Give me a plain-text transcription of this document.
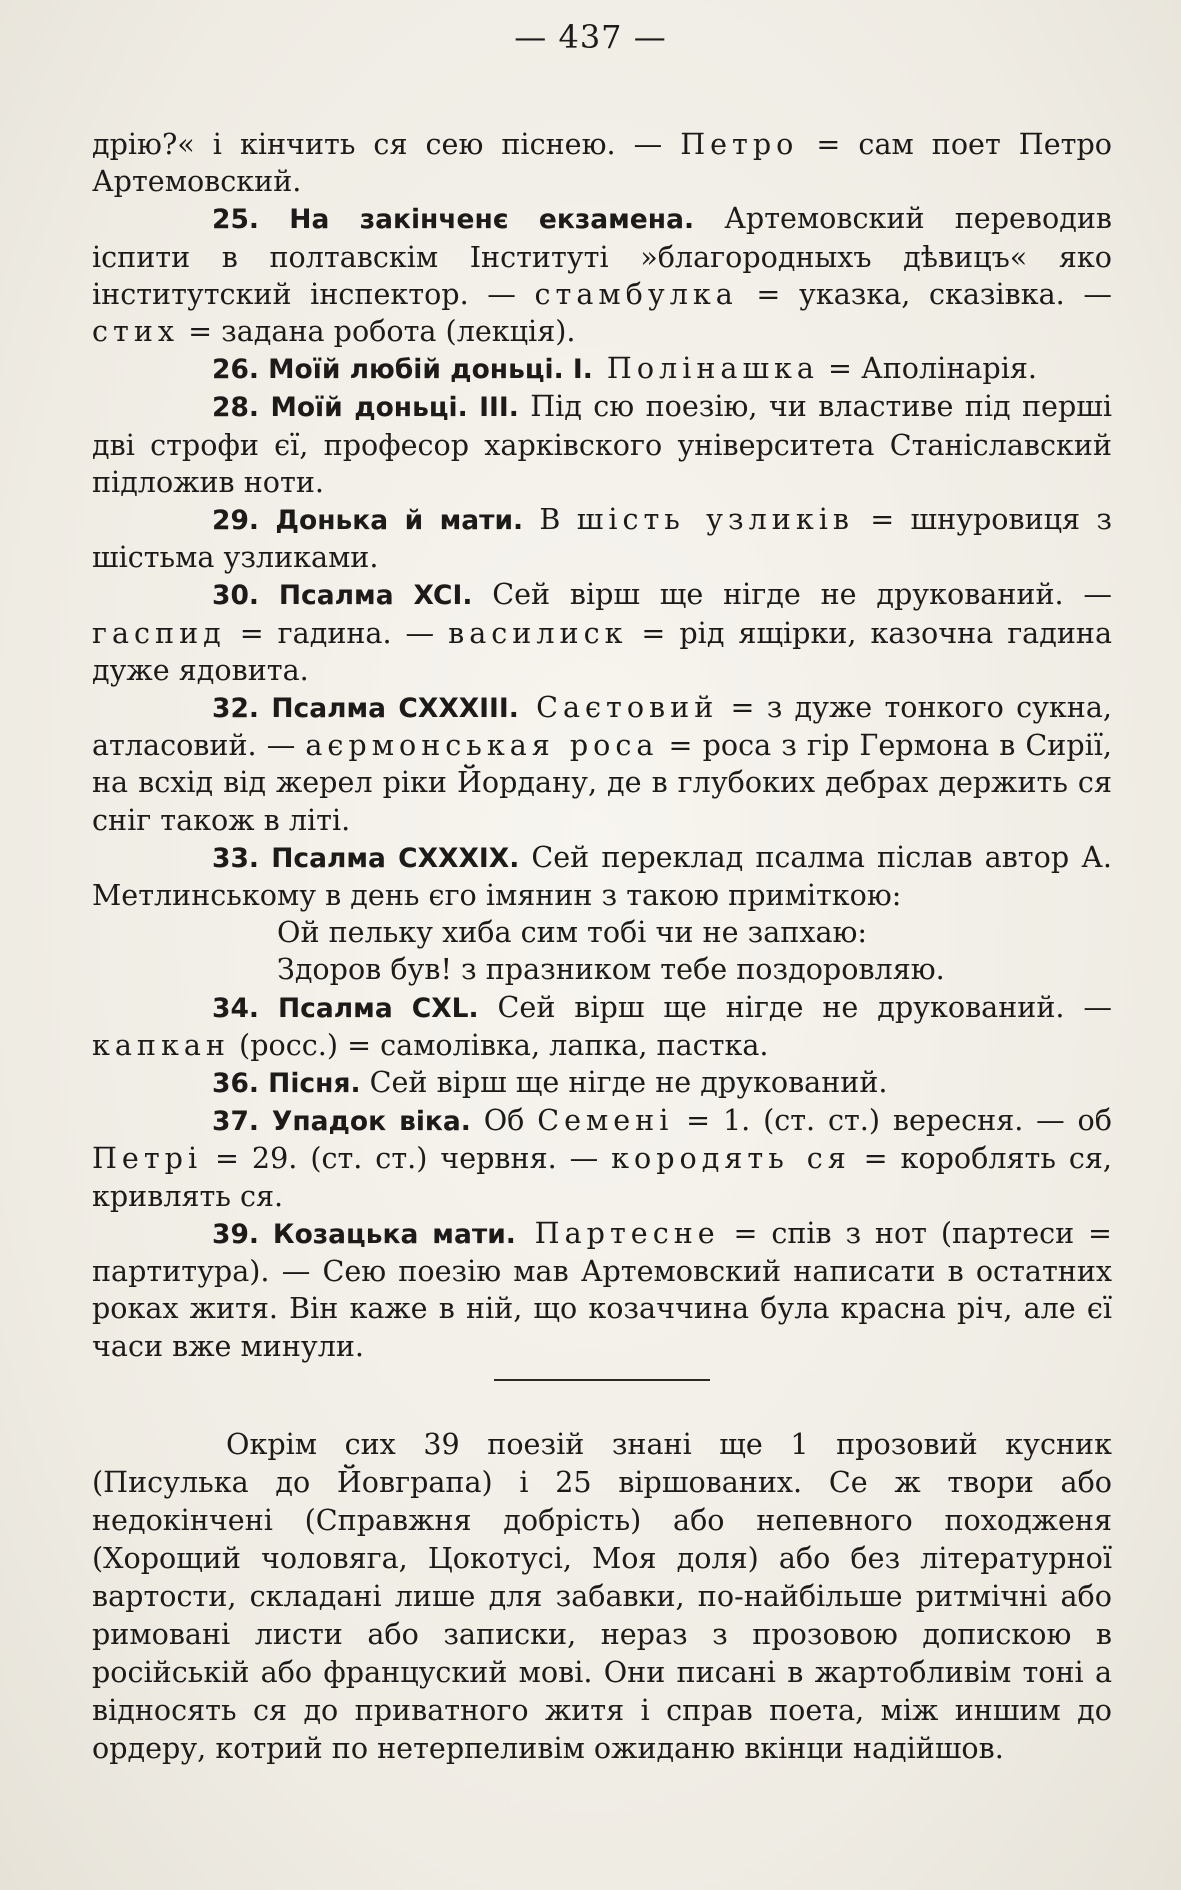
— 437 —

дрію?« і кінчить ся сею піснею. — Петро = сам поет Петро Артемовский.

25. На закінченє екзамена. Артемовский переводив іспити в полтавскім Інституті »благородныхъ дѣвицъ« яко інститутский інспектор. — стамбулка = указка, сказівка. — стих = задана робота (лекція).

26. Моїй любій доньці. I. Полінашка = Аполінарія.

28. Моїй доньці. III. Під сю поезію, чи властиве під перші дві строфи єї, професор харківского університета Станіславский підложив ноти.

29. Донька й мати. В шість узликів = шнуровиця з шістьма узликами.

30. Псалма XCI. Сей вірш ще нігде не друкований. — гаспид = гадина. — василиск = рід ящірки, казочна гадина дуже ядовита.

32. Псалма CXXXIII. Саєтовий = з дуже тонкого сукна, атласовий. — аєрмонськая роса = роса з гір Гермона в Сирії, на всхід від жерел ріки Йордану, де в глубоких дебрах держить ся сніг також в літі.

33. Псалма CXXXIX. Сей переклад псалма післав автор А. Метлинському в день єго імянин з такою приміткою:

Ой пельку хиба сим тобі чи не запхаю:

Здоров був! з празником тебе поздоровляю.

34. Псалма CXL. Сей вірш ще нігде не друкований. — капкан (росс.) = самолівка, лапка, пастка.

36. Пісня. Сей вірш ще нігде не друкований.

37. Упадок віка. Об Семені = 1. (ст. ст.) вересня. — об Петрі = 29. (ст. ст.) червня. — кородять ся = короблять ся, кривлять ся.

39. Козацька мати. Партесне = спів з нот (партеси = партитура). — Сею поезію мав Артемовский написати в остатних роках житя. Він каже в ній, що козаччина була красна річ, але єї часи вже минули.

Окрім сих 39 поезій знані ще 1 прозовий кусник (Писулька до Йовграпа) і 25 віршованих. Се ж твори або недокінчені (Справжня добрість) або непевного походженя (Хорощий чоловяга, Цокотусі, Моя доля) або без літературної вартости, складані лише для забавки, по-найбільше ритмічні або римовані листи або записки, нераз з прозовою допискою в російській або француский мові. Они писані в жартобливім тоні а відносять ся до приватного житя і справ поета, між иншим до ордеру, котрий по нетерпеливім ожиданю вкінци надійшов.
